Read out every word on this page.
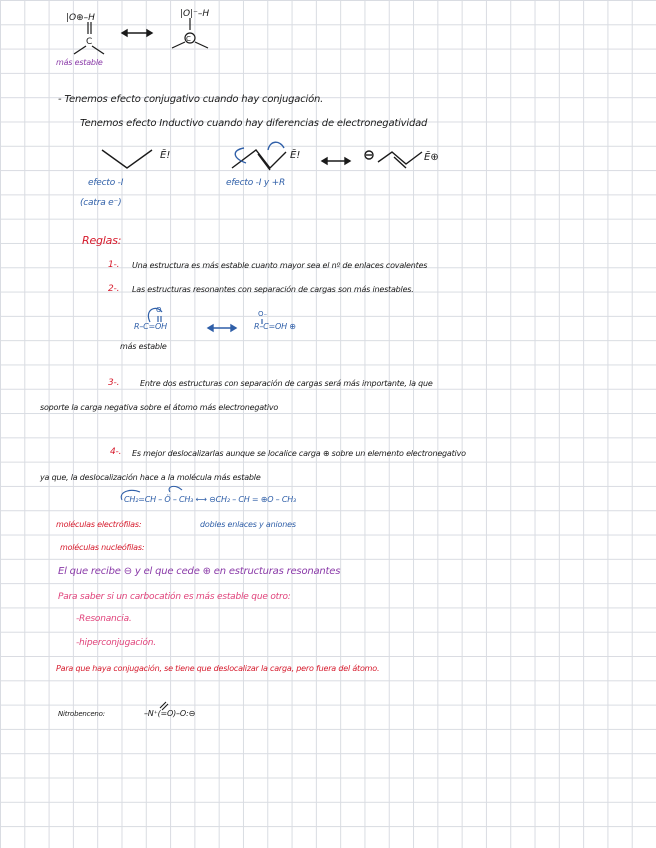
|O⊕–H
C
|O|⁻–H
C
Ē!	Ē!	Ē⊕
O	O₋
más estable
- Tenemos efecto conjugativo cuando hay conjugación.
Tenemos efecto Inductivo cuando hay diferencias de electronegatividad
efecto -I
(catra e⁻)
efecto -I y +R
Reglas:
1-. Una estructura es más estable cuanto mayor sea el nº de enlaces covalentes
2-. Las estructuras resonantes con separación de cargas son más inestables.
R–C=OH	R–C=OH ⊕
más estable
3-.	Entre dos estructuras con separación de cargas será más importante, la que
soporte la carga negativa sobre el átomo más electronegativo
4-. Es mejor deslocalizarlas aunque se localice carga ⊕ sobre un elemento electronegativo
ya que, la deslocalización hace a la molécula más estable
CH₂=CH – Ö – CH₃ ⟷ ⊖CH₂ – CH = ⊕O – CH₃
moléculas electrófilas:	dobles enlaces y aniones
moléculas nucleófilas:
El que recibe ⊖ y el que cede ⊕ en estructuras resonantes
Para saber si un carbocatión es más estable que otro:
-Resonancia.
-hiperconjugación.
Para que haya conjugación, se tiene que deslocalizar la carga, pero fuera del átomo.
Nitrobenceno:	–N⁺(=O)–O:⊖
